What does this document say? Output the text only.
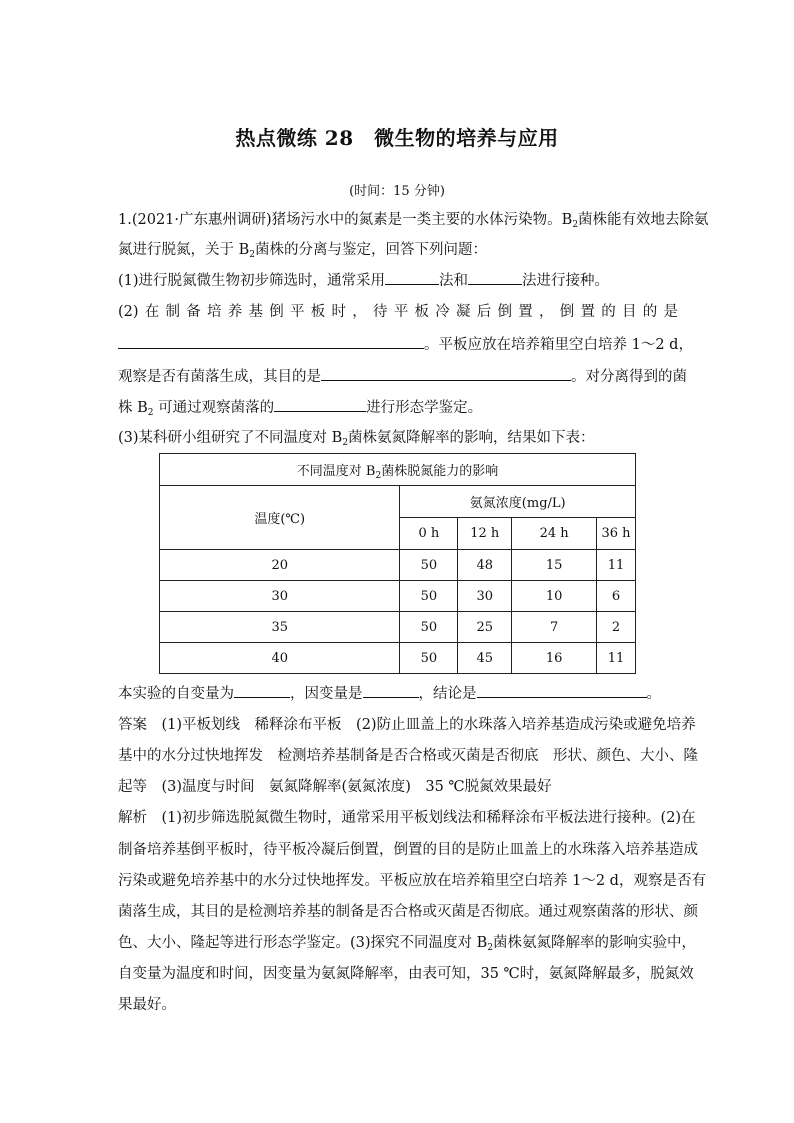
热点微练 28　微生物的培养与应用
(时间：15 分钟)
1.(2021·广东惠州调研)猪场污水中的氮素是一类主要的水体污染物。$B_2$菌株能有效地去除氨
氮进行脱氮，关于 $B_2$菌株的分离与鉴定，回答下列问题：
(1)进行脱氮微生物初步筛选时，通常采用	法和	法进行接种。
(2)在制备培养基倒平板时，待平板冷凝后倒置，倒置的目的是
。平板应放在培养箱里空白培养 1～2 d，
观察是否有菌落生成，其目的是	。对分离得到的菌
株 $B_2$ 可通过观察菌落的	进行形态学鉴定。
(3)某科研小组研究了不同温度对 $B_2$菌株氨氮降解率的影响，结果如下表：
不同温度对 $B_2$菌株脱氮能力的影响				
温度(℃)	氨氮浓度(mg/L)			
	0 h	12 h	24 h	36 h
20	50	48	15	11
30	50	30	10	6
35	50	25	7	2
40	50	45	16	11
本实验的自变量为	，因变量是	，结论是	。
答案　 (1)平板划线　稀释涂布平板　(2)防止皿盖上的水珠落入培养基造成污染或避免培养
基中的水分过快地挥发　检测培养基制备是否合格或灭菌是否彻底　形状、颜色、大小、隆
起等　(3)温度与时间　氨氮降解率(氨氮浓度)　35 ℃脱氮效果最好
解析　 (1)初步筛选脱氮微生物时，通常采用平板划线法和稀释涂布平板法进行接种。(2)在
制备培养基倒平板时，待平板冷凝后倒置，倒置的目的是防止皿盖上的水珠落入培养基造成
污染或避免培养基中的水分过快地挥发。平板应放在培养箱里空白培养 1～2 d，观察是否有
菌落生成，其目的是检测培养基的制备是否合格或灭菌是否彻底。通过观察菌落的形状、颜
色、大小、隆起等进行形态学鉴定。(3)探究不同温度对 $B_2$菌株氨氮降解率的影响实验中，
自变量为温度和时间，因变量为氨氮降解率，由表可知，35 ℃时，氨氮降解最多，脱氮效
果最好。
